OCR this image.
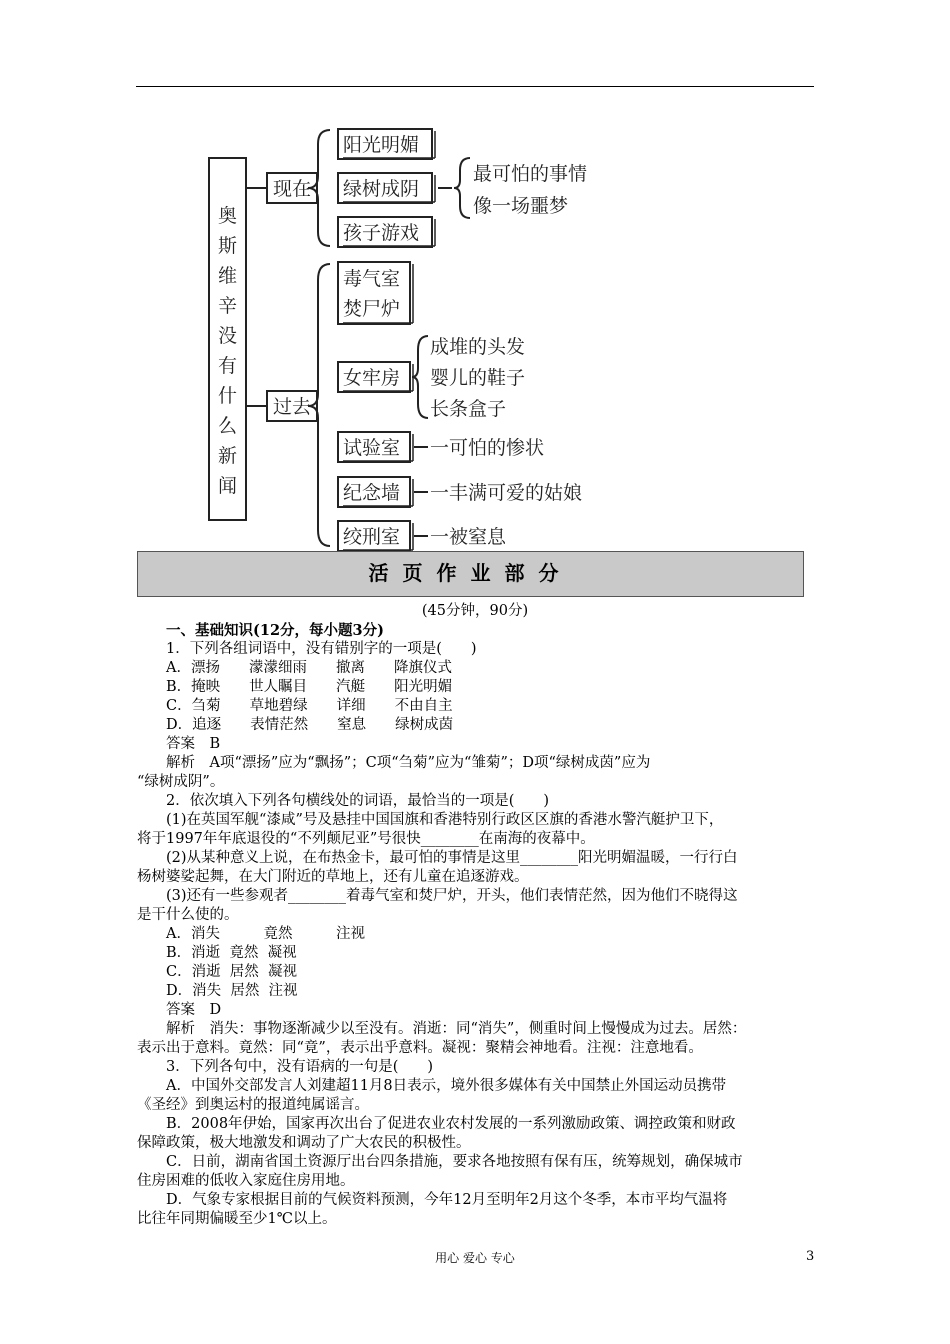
奥
斯
维
辛
没
有
什
么
新
闻
现在
阳光明媚
绿树成阴
孩子游戏
最可怕的事情
像一场噩梦
过去
毒气室
焚尸炉
女牢房
成堆的头发
婴儿的鞋子
长条盒子
试验室 一可怕的惨状
纪念墙 一丰满可爱的姑娘
绞刑室 一被窒息
活页作业部分
(45分钟，90分)
一、基础知识(12分，每小题3分)
1．下列各组词语中，没有错别字的一项是(　　)
A．漂扬　　濛濛细雨　　撤离　　降旗仪式
B．掩映　　世人瞩目　　汽艇　　阳光明媚
C．刍菊　　草地碧绿　　详细　　不由自主
D．追逐　　表情茫然　　窒息　　绿树成茵
答案　B
解析　A项“漂扬”应为“飘扬”；C项“刍菊”应为“雏菊”；D项“绿树成茵”应为
“绿树成阴”。
2．依次填入下列各句横线处的词语，最恰当的一项是(　　)
(1)在英国军舰“漆咸”号及悬挂中国国旗和香港特别行政区区旗的香港水警汽艇护卫下，
将于1997年年底退役的“不列颠尼亚”号很快________在南海的夜幕中。
(2)从某种意义上说，在布热金卡，最可怕的事情是这里________阳光明媚温暖，一行行白
杨树婆娑起舞，在大门附近的草地上，还有儿童在追逐游戏。
(3)还有一些参观者________着毒气室和焚尸炉，开头，他们表情茫然，因为他们不晓得这
是干什么使的。
A．消失　　　竟然　　　注视
B．消逝  竟然  凝视
C．消逝  居然  凝视
D．消失  居然  注视
答案　D
解析　消失：事物逐渐减少以至没有。消逝：同“消失”，侧重时间上慢慢成为过去。居然：
表示出于意料。竟然：同“竟”，表示出乎意料。凝视：聚精会神地看。注视：注意地看。
3．下列各句中，没有语病的一句是(　　)
A．中国外交部发言人刘建超11月8日表示，境外很多媒体有关中国禁止外国运动员携带
《圣经》到奥运村的报道纯属谣言。
B．2008年伊始，国家再次出台了促进农业农村发展的一系列激励政策、调控政策和财政
保障政策，极大地激发和调动了广大农民的积极性。
C．日前，湖南省国土资源厅出台四条措施，要求各地按照有保有压，统筹规划，确保城市
住房困难的低收入家庭住房用地。
D．气象专家根据目前的气候资料预测，今年12月至明年2月这个冬季，本市平均气温将
比往年同期偏暖至少1℃以上。
用心 爱心 专心	3
